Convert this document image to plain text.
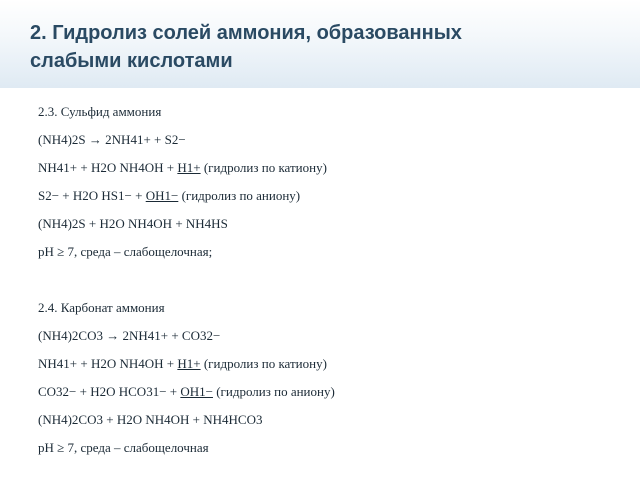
2. Гидролиз солей аммония, образованных
слабыми кислотами
2.3. Сульфид аммония
(NH4)2S → 2NH41+ + S2−
NH41+ + H2O NH4OH + H1+ (гидролиз по катиону)
S2− + H2O HS1− + OH1− (гидролиз по аниону)
(NH4)2S + H2O NH4OH + NH4HS
pH ≥ 7, среда – слабощелочная;
2.4. Карбонат аммония
(NH4)2CO3 → 2NH41+ + CO32−
NH41+ + H2O NH4OH + H1+ (гидролиз по катиону)
CO32− + H2O HCO31− + OH1− (гидролиз по аниону)
(NH4)2CO3 + H2O NH4OH + NH4HCO3
pH ≥ 7, среда – слабощелочная
